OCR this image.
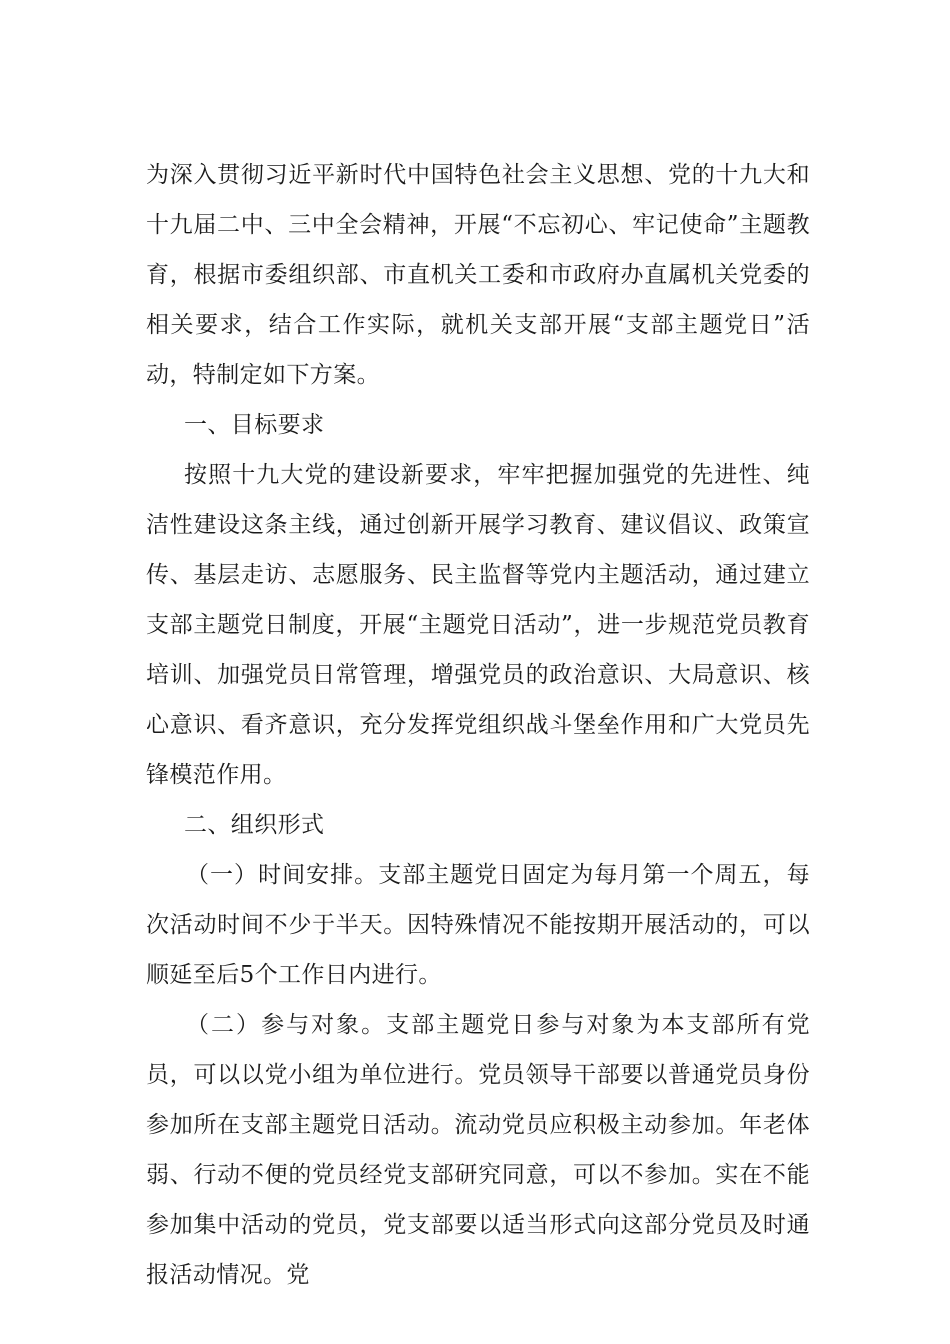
为深入贯彻习近平新时代中国特色社会主义思想、党的十九大和十九届二中、三中全会精神，开展“不忘初心、牢记使命”主题教育，根据市委组织部、市直机关工委和市政府办直属机关党委的相关要求，结合工作实际，就机关支部开展“支部主题党日”活动，特制定如下方案。

一、目标要求

按照十九大党的建设新要求，牢牢把握加强党的先进性、纯洁性建设这条主线，通过创新开展学习教育、建议倡议、政策宣传、基层走访、志愿服务、民主监督等党内主题活动，通过建立支部主题党日制度，开展“主题党日活动”，进一步规范党员教育培训、加强党员日常管理，增强党员的政治意识、大局意识、核心意识、看齐意识，充分发挥党组织战斗堡垒作用和广大党员先锋模范作用。

二、组织形式

（一）时间安排。支部主题党日固定为每月第一个周五，每次活动时间不少于半天。因特殊情况不能按期开展活动的，可以顺延至后5个工作日内进行。

（二）参与对象。支部主题党日参与对象为本支部所有党员，可以以党小组为单位进行。党员领导干部要以普通党员身份参加所在支部主题党日活动。流动党员应积极主动参加。年老体弱、行动不便的党员经党支部研究同意，可以不参加。实在不能参加集中活动的党员，党支部要以适当形式向这部分党员及时通报活动情况。党
